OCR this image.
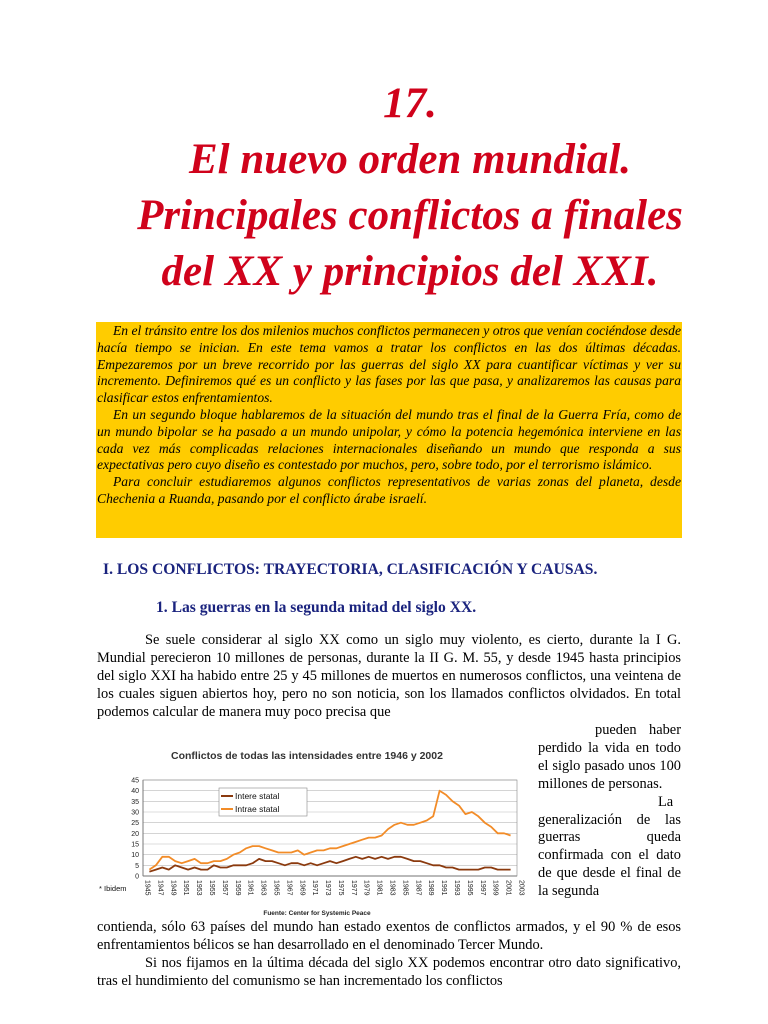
17.
El nuevo orden mundial.
Principales conflictos a finales
del XX y principios del XXI.

En el tránsito entre los dos milenios muchos conflictos permanecen y otros que venían cociéndose desde hacía tiempo se inician. En este tema vamos a tratar los conflictos en las dos últimas décadas. Empezaremos por un breve recorrido por las guerras del siglo XX para cuantificar víctimas y ver su incremento. Definiremos qué es un conflicto y las fases por las que pasa, y analizaremos las causas para clasificar estos enfrentamientos.

En un segundo bloque hablaremos de la situación del mundo tras el final de la Guerra Fría, como de un mundo bipolar se ha pasado a un mundo unipolar, y cómo la potencia hegemónica interviene en las cada vez más complicadas relaciones internacionales diseñando un mundo que responda a sus expectativas pero cuyo diseño es contestado por muchos, pero, sobre todo, por el terrorismo islámico.

Para concluir estudiaremos algunos conflictos representativos de varias zonas del planeta, desde Chechenia a Ruanda, pasando por el conflicto árabe israelí.

I. LOS CONFLICTOS: TRAYECTORIA, CLASIFICACIÓN Y CAUSAS.
1. Las guerras en la segunda mitad del siglo XX.

Se suele considerar al siglo XX como un siglo muy violento, es cierto, durante la I G. Mundial perecieron 10 millones de personas, durante la II G. M. 55, y desde 1945 hasta principios del siglo XXI ha habido entre 25 y 45 millones de muertos en numerosos conflictos, una veintena de los cuales siguen abiertos hoy, pero no son noticia, son los llamados conflictos olvidados. En total podemos calcular de manera muy poco precisa que

pueden haber perdido la vida en todo el siglo pasado unos 100 millones de personas.

La generalización de las guerras queda confirmada con el dato de que desde el final de la segunda

Conflictos de todas las intensidades entre 1946 y 2002
0
5
10
15
20
25
30
35
40
45
1945 1947 1949 1951 1953 1955 1957 1959 1961 1963 1965 1967 1969 1971 1973 1975 1977 1979 1981 1983 1985 1987 1989 1991 1993 1995 1997 1999 2001 2003
Intere statal
Intrae statal
* Ibidem
Fuente: Center for Systemic Peace

contienda, sólo 63 países del mundo han estado exentos de conflictos armados, y el 90 % de esos enfrentamientos bélicos se han desarrollado en el denominado Tercer Mundo.

Si nos fijamos en la última década del siglo XX podemos encontrar otro dato significativo, tras el hundimiento del comunismo se han incrementado los conflictos
